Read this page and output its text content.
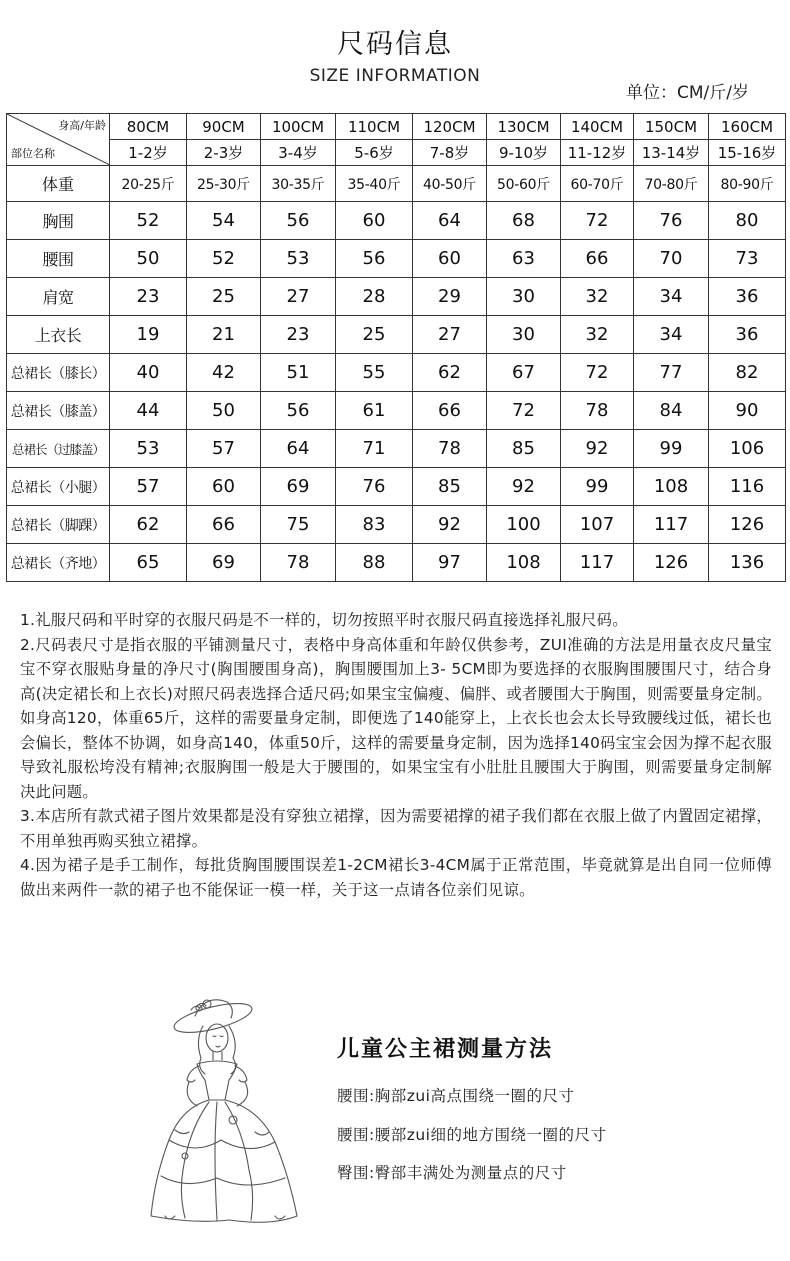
尺码信息
SIZE INFORMATION
单位：CM/斤/岁
身高/年龄
部位名称	80CM	90CM	100CM	110CM	120CM	130CM	140CM	150CM	160CM
	1-2岁	2-3岁	3-4岁	5-6岁	7-8岁	9-10岁	11-12岁	13-14岁	15-16岁
体重	20-25斤	25-30斤	30-35斤	35-40斤	40-50斤	50-60斤	60-70斤	70-80斤	80-90斤
胸围	52	54	56	60	64	68	72	76	80
腰围	50	52	53	56	60	63	66	70	73
肩宽	23	25	27	28	29	30	32	34	36
上衣长	19	21	23	25	27	30	32	34	36
总裙长（膝长）	40	42	51	55	62	67	72	77	82
总裙长（膝盖）	44	50	56	61	66	72	78	84	90
总裙长（过膝盖）	53	57	64	71	78	85	92	99	106
总裙长（小腿）	57	60	69	76	85	92	99	108	116
总裙长（脚踝）	62	66	75	83	92	100	107	117	126
总裙长（齐地）	65	69	78	88	97	108	117	126	136

1.礼服尺码和平时穿的衣服尺码是不一样的，切勿按照平时衣服尺码直接选择礼服尺码。

2.尺码表尺寸是指衣服的平铺测量尺寸，表格中身高体重和年龄仅供参考，ZUI准确的方法是用量衣皮尺量宝宝不穿衣服贴身量的净尺寸(胸围腰围身高)，胸围腰围加上3- 5CM即为要选择的衣服胸围腰围尺寸，结合身高(决定裙长和上衣长)对照尺码表选择合适尺码;如果宝宝偏瘦、偏胖、或者腰围大于胸围，则需要量身定制。如身高120，体重65斤，这样的需要量身定制，即便选了140能穿上，上衣长也会太长导致腰线过低，裙长也会偏长，整体不协调，如身高140，体重50斤，这样的需要量身定制，因为选择140码宝宝会因为撑不起衣服导致礼服松垮没有精神;衣服胸围一般是大于腰围的，如果宝宝有小肚肚且腰围大于胸围，则需要量身定制解决此问题。

3.本店所有款式裙子图片效果都是没有穿独立裙撑，因为需要裙撑的裙子我们都在衣服上做了内置固定裙撑，不用单独再购买独立裙撑。

4.因为裙子是手工制作，每批货胸围腰围误差1-2CM裙长3-4CM属于正常范围，毕竟就算是出自同一位师傅做出来两件一款的裙子也不能保证一模一样，关于这一点请各位亲们见谅。

儿童公主裙测量方法
腰围:胸部zui高点围绕一圈的尺寸
腰围:腰部zui细的地方围绕一圈的尺寸
臀围:臀部丰满处为测量点的尺寸
